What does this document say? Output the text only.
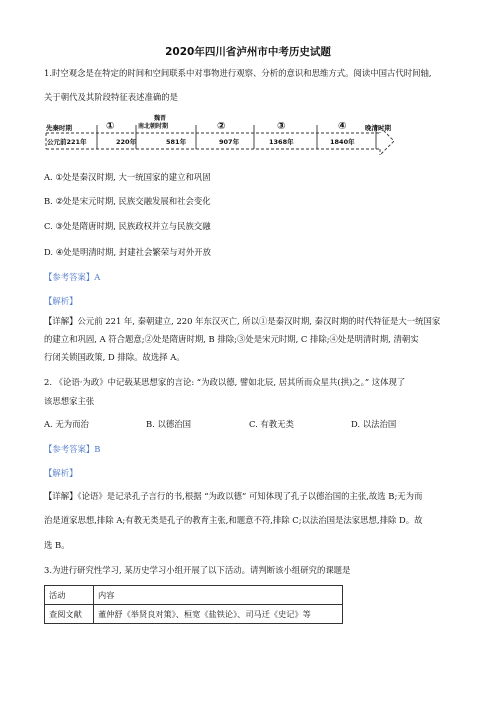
2020年四川省泸州市中考历史试题
1.时空观念是在特定的时间和空间联系中对事物进行观察、分析的意识和思维方式。阅读中国古代时间轴,
关于朝代及其阶段特征表述准确的是
先秦时期	①
魏晋
南北朝时期	②	③	④	晚清时期
公元前221年	220年	581年	907年	1368年	1840年
A. ①处是秦汉时期, 大一统国家的建立和巩固
B. ②处是宋元时期, 民族交融发展和社会变化
C. ③处是隋唐时期, 民族政权并立与民族交融
D. ④处是明清时期, 封建社会繁荣与对外开放
【参考答案】A
【解析】
【详解】公元前 221 年, 秦朝建立, 220 年东汉灭亡, 所以①是秦汉时期, 秦汉时期的时代特征是大一统国家
的建立和巩固, A 符合题意;②处是隋唐时期, B 排除;③处是宋元时期, C 排除;④处是明清时期, 清朝实
行闭关锁国政策, D 排除。故选择 A。
2. 《论语·为政》中记载某思想家的言论: “为政以德, 譬如北辰, 居其所而众星共(拱)之。” 这体现了
该思想家主张
A. 无为而治	B. 以德治国	C. 有教无类	D. 以法治国
【参考答案】B
【解析】
【详解】《论语》是记录孔子言行的书,根据 “为政以德” 可知体现了孔子以德治国的主张,故选 B;无为而
治是道家思想,排除 A;有教无类是孔子的教育主张,和题意不符,排除 C;以法治国是法家思想,排除 D。故
选 B。
3.为进行研究性学习, 某历史学习小组开展了以下活动。请判断该小组研究的课题是
活动	内容
查阅文献	董仲舒《举贤良对策》、桓宽《盐铁论》、司马迁《史记》等
